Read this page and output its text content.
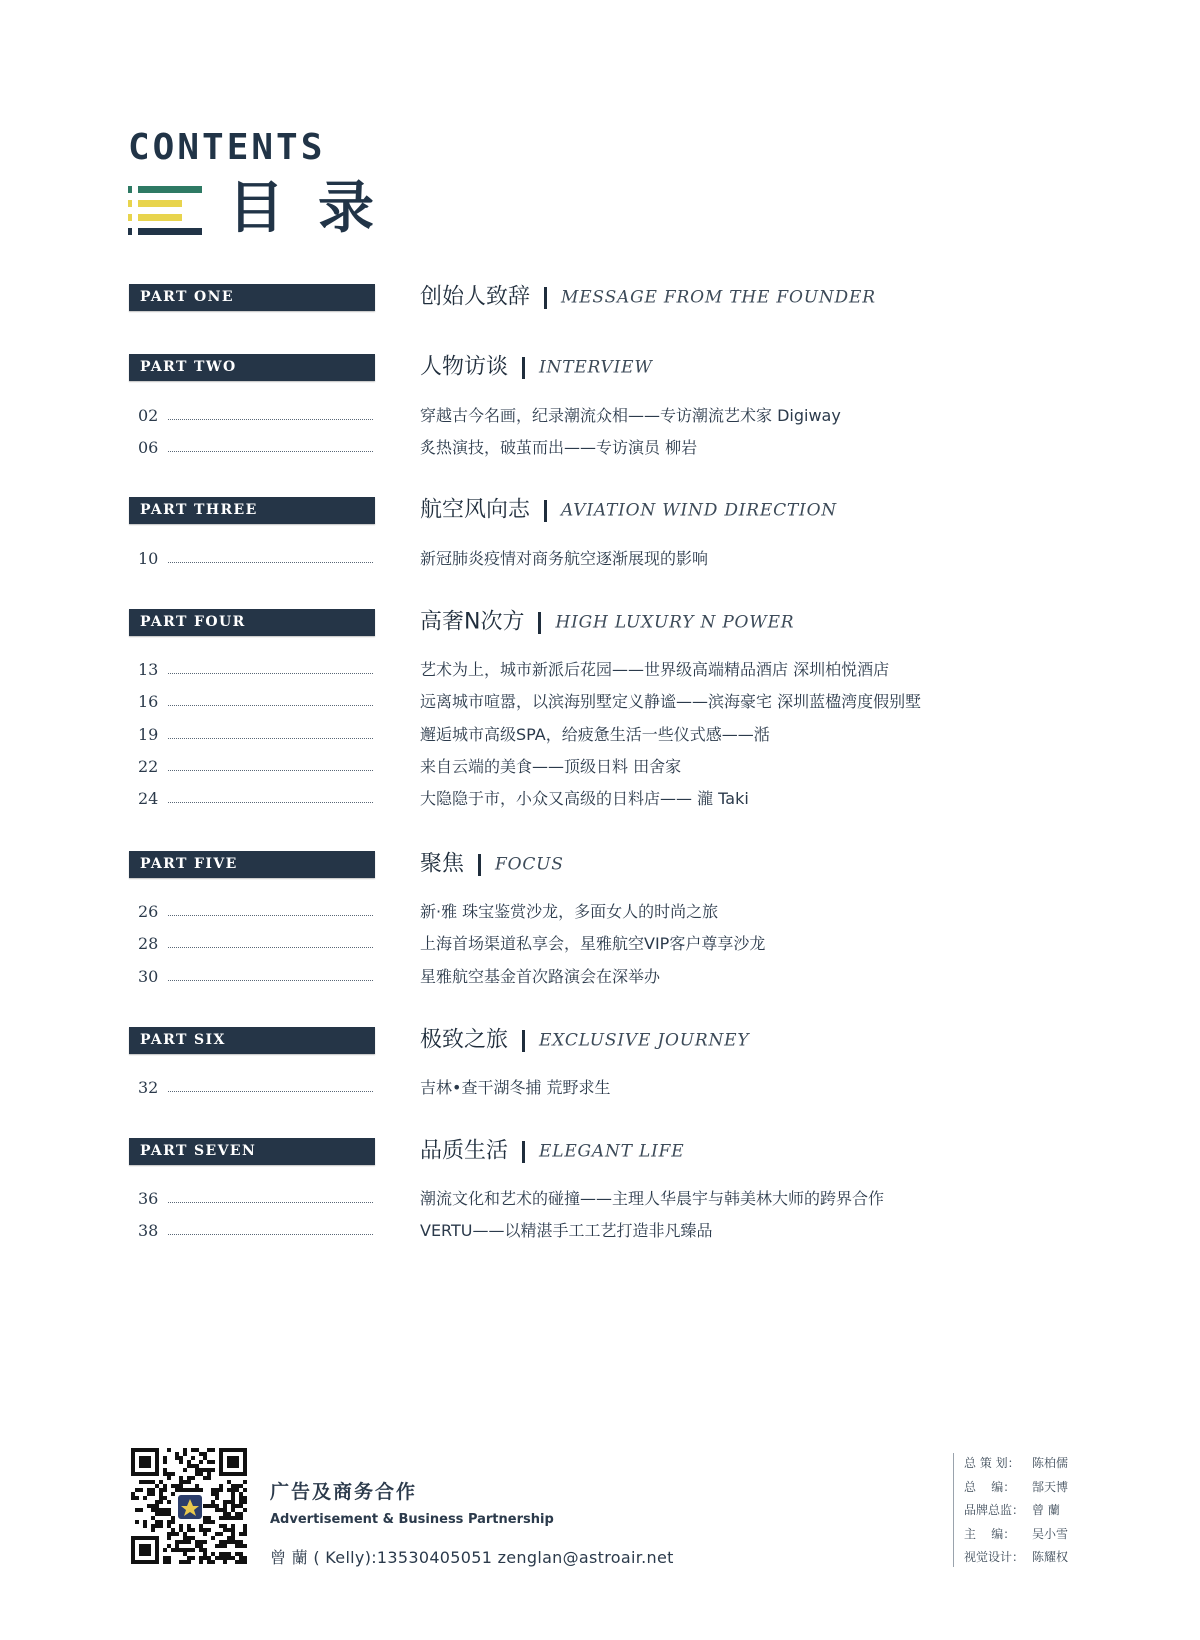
CONTENTS
目录
PART ONE	创始人致辞 MESSAGE FROM THE FOUNDER
PART TWO	人物访谈 INTERVIEW
02	穿越古今名画，纪录潮流众相——专访潮流艺术家 Digiway
06	炙热演技，破茧而出——专访演员 柳岩
PART THREE	航空风向志 AVIATION WIND DIRECTION
10	新冠肺炎疫情对商务航空逐渐展现的影响
PART FOUR	高奢N次方 HIGH LUXURY N POWER
13	艺术为上，城市新派后花园——世界级高端精品酒店 深圳柏悦酒店
16	远离城市喧嚣，以滨海别墅定义静谧——滨海豪宅 深圳蓝楹湾度假别墅
19	邂逅城市高级SPA，给疲惫生活一些仪式感——湉
22	来自云端的美食——顶级日料 田舍家
24	大隐隐于市，小众又高级的日料店—— 瀧 Taki
PART FIVE	聚焦 FOCUS
26	新·雅 珠宝鉴赏沙龙，多面女人的时尚之旅
28	上海首场渠道私享会，星雅航空VIP客户尊享沙龙
30	星雅航空基金首次路演会在深举办
PART SIX	极致之旅 EXCLUSIVE JOURNEY
32	吉林•查干湖冬捕 荒野求生
PART SEVEN	品质生活 ELEGANT LIFE
36	潮流文化和艺术的碰撞——主理人华晨宇与韩美林大师的跨界合作
38	VERTU——以精湛手工工艺打造非凡臻品
广告及商务合作
Advertisement & Business Partnership
曾 蘭 ( Kelly):13530405051 zenglan@astroair.net
总 策 划： 陈柏儒
总    编： 郜天博
品牌总监： 曾 蘭
主    编： 吴小雪
视觉设计： 陈耀权
